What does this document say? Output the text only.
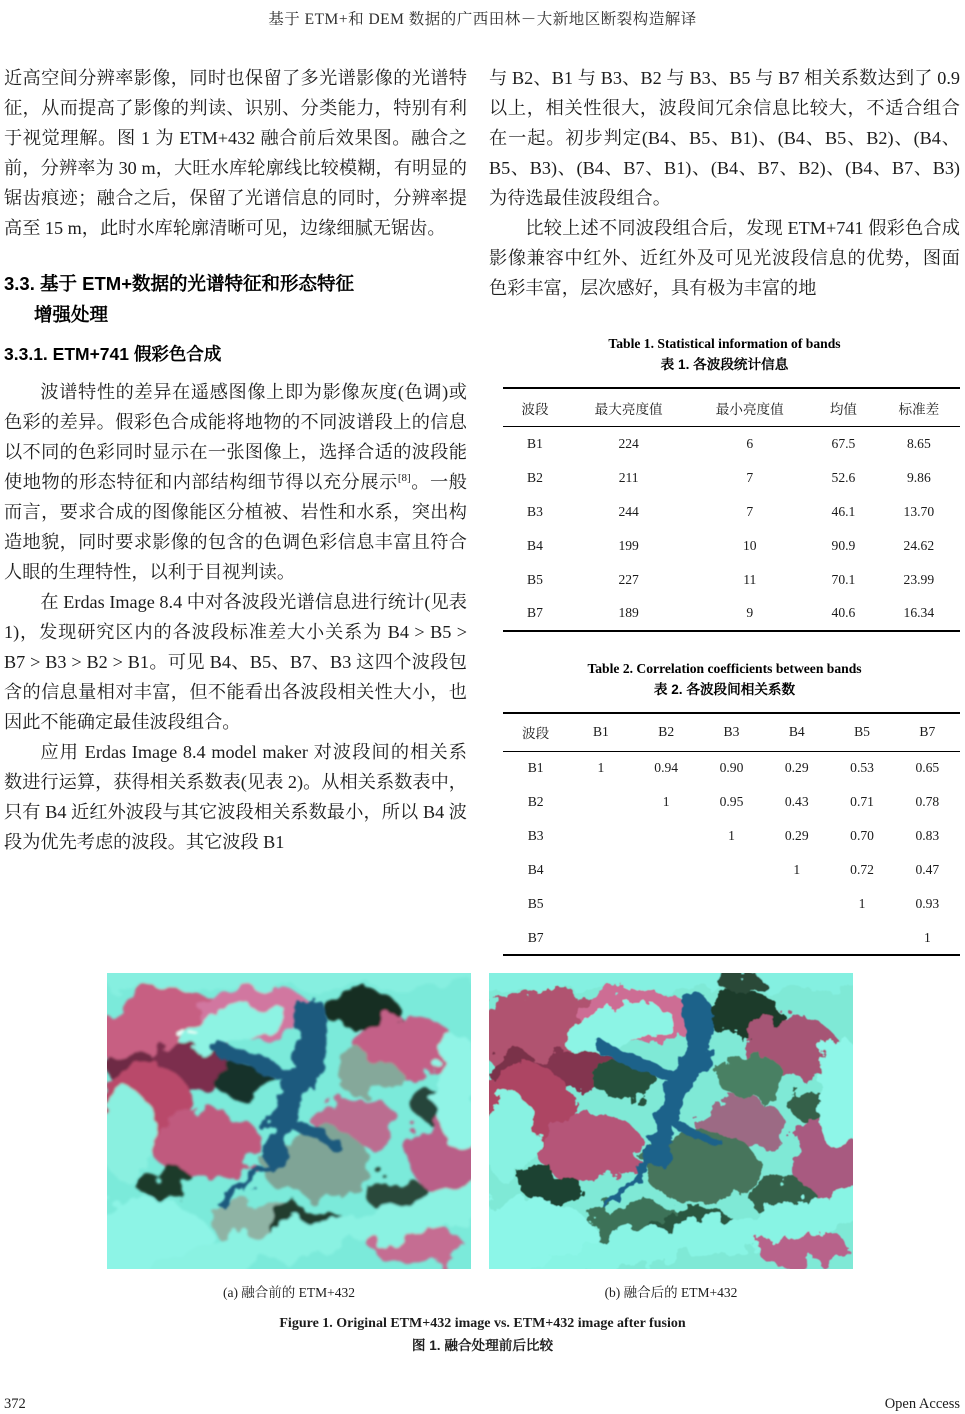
基于 ETM+和 DEM 数据的广西田林－大新地区断裂构造解译

近高空间分辨率影像，同时也保留了多光谱影像的光谱特征，从而提高了影像的判读、识别、分类能力，特别有利于视觉理解。图 1 为 ETM+432 融合前后效果图。融合之前，分辨率为 30 m，大旺水库轮廓线比较模糊，有明显的锯齿痕迹；融合之后，保留了光谱信息的同时，分辨率提高至 15 m，此时水库轮廓清晰可见，边缘细腻无锯齿。

3.3. 基于 ETM+数据的光谱特征和形态特征
增强处理
3.3.1. ETM+741 假彩色合成

波谱特性的差异在遥感图像上即为影像灰度(色调)或色彩的差异。假彩色合成能将地物的不同波谱段上的信息以不同的色彩同时显示在一张图像上，选择合适的波段能使地物的形态特征和内部结构细节得以充分展示[8]。一般而言，要求合成的图像能区分植被、岩性和水系，突出构造地貌，同时要求影像的包含的色调色彩信息丰富且符合人眼的生理特性，以利于目视判读。

在 Erdas Image 8.4 中对各波段光谱信息进行统计(见表 1)，发现研究区内的各波段标准差大小关系为 B4 > B5 > B7 > B3 > B2 > B1。可见 B4、B5、B7、B3 这四个波段包含的信息量相对丰富，但不能看出各波段相关性大小，也因此不能确定最佳波段组合。

应用 Erdas Image 8.4 model maker 对波段间的相关系数进行运算，获得相关系数表(见表 2)。从相关系数表中，只有 B4 近红外波段与其它波段相关系数最小，所以 B4 波段为优先考虑的波段。其它波段 B1

与 B2、B1 与 B3、B2 与 B3、B5 与 B7 相关系数达到了 0.9 以上，相关性很大，波段间冗余信息比较大，不适合组合在一起。初步判定(B4、B5、B1)、(B4、B5、B2)、(B4、B5、B3)、(B4、B7、B1)、(B4、B7、B2)、(B4、B7、B3)为待选最佳波段组合。

比较上述不同波段组合后，发现 ETM+741 假彩色合成影像兼容中红外、近红外及可见光波段信息的优势，图面色彩丰富，层次感好，具有极为丰富的地

Table 1. Statistical information of bands
表 1. 各波段统计信息
波段	最大亮度值	最小亮度值	均值	标准差
B1	224	6	67.5	8.65
B2	211	7	52.6	9.86
B3	244	7	46.1	13.70
B4	199	10	90.9	24.62
B5	227	11	70.1	23.99
B7	189	9	40.6	16.34
Table 2. Correlation coefficients between bands
表 2. 各波段间相关系数
波段	B1	B2	B3	B4	B5	B7
B1	1	0.94	0.90	0.29	0.53	0.65
B2		1	0.95	0.43	0.71	0.78
B3			1	0.29	0.70	0.83
B4				1	0.72	0.47
B5					1	0.93
B7						1
(a) 融合前的 ETM+432	(b) 融合后的 ETM+432
Figure 1. Original ETM+432 image vs. ETM+432 image after fusion
图 1. 融合处理前后比较
372	Open Access
